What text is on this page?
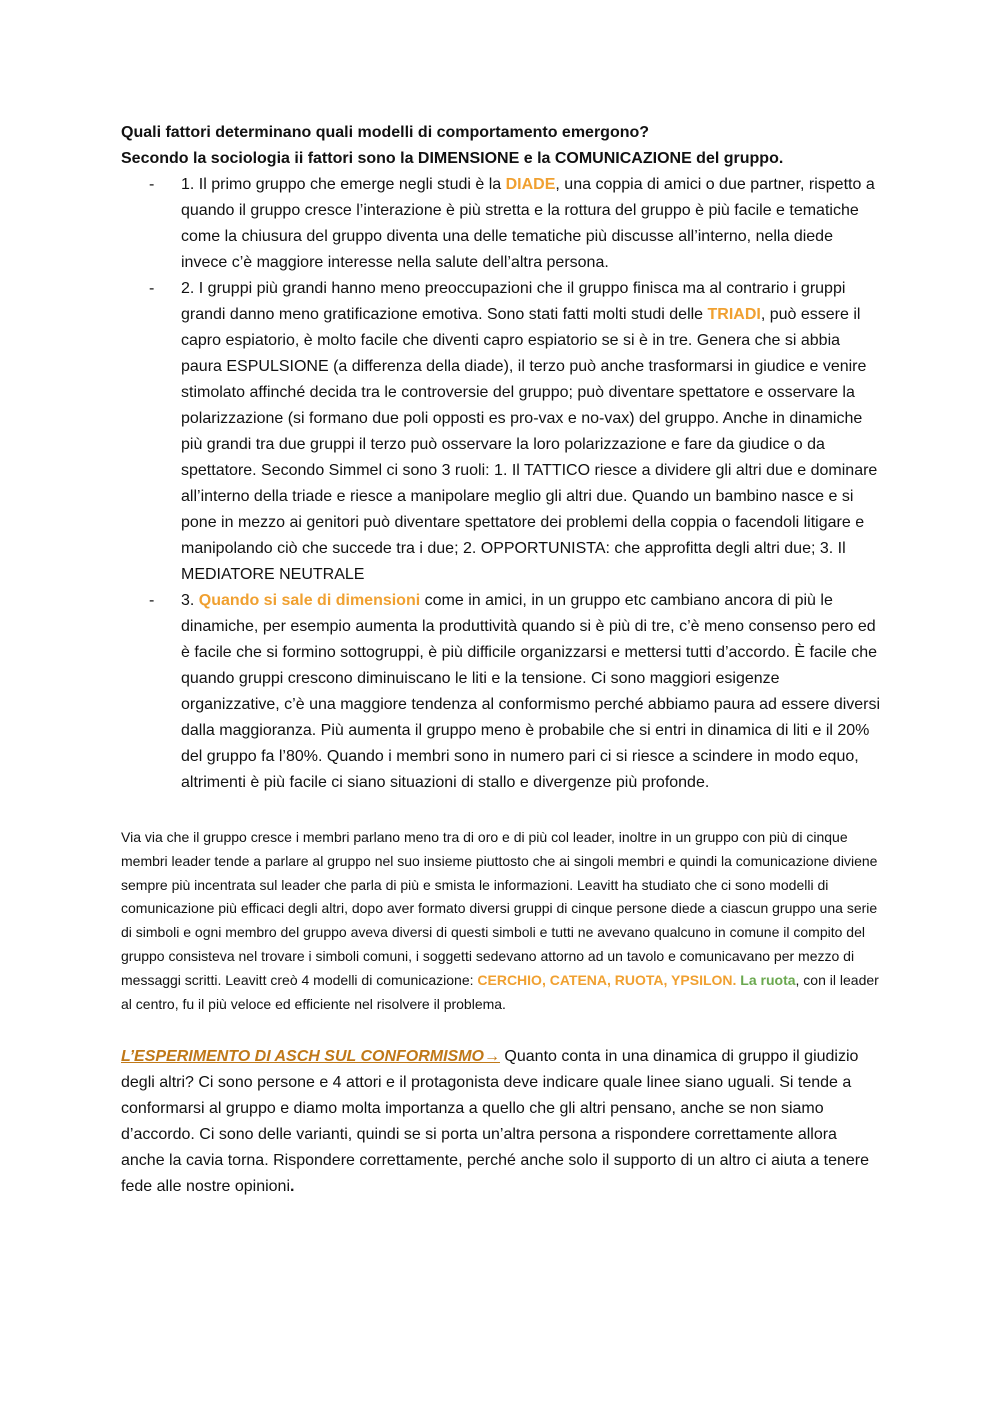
Quali fattori determinano quali modelli di comportamento emergono?
Secondo la sociologia ii fattori sono la DIMENSIONE e la COMUNICAZIONE del gruppo.

- 1. Il primo gruppo che emerge negli studi è la DIADE, una coppia di amici o due partner, rispetto a quando il gruppo cresce l’interazione è più stretta e la rottura del gruppo è più facile e tematiche come la chiusura del gruppo diventa una delle tematiche più discusse all’interno, nella diede invece c’è maggiore interesse nella salute dell’altra persona.
- 2. I gruppi più grandi hanno meno preoccupazioni che il gruppo finisca ma al contrario i gruppi grandi danno meno gratificazione emotiva. Sono stati fatti molti studi delle TRIADI, può essere il capro espiatorio, è molto facile che diventi capro espiatorio se si è in tre. Genera che si abbia paura ESPULSIONE (a differenza della diade), il terzo può anche trasformarsi in giudice e venire stimolato affinché decida tra le controversie del gruppo; può diventare spettatore e osservare la polarizzazione (si formano due poli opposti es pro-vax e no-vax) del gruppo. Anche in dinamiche più grandi tra due gruppi il terzo può osservare la loro polarizzazione e fare da giudice o da spettatore. Secondo Simmel ci sono 3 ruoli: 1. Il TATTICO riesce a dividere gli altri due e dominare all’interno della triade e riesce a manipolare meglio gli altri due. Quando un bambino nasce e si pone in mezzo ai genitori può diventare spettatore dei problemi della coppia o facendoli litigare e manipolando ciò che succede tra i due; 2. OPPORTUNISTA: che approfitta degli altri due; 3. Il MEDIATORE NEUTRALE
- 3. Quando si sale di dimensioni come in amici, in un gruppo etc cambiano ancora di più le dinamiche, per esempio aumenta la produttività quando si è più di tre, c’è meno consenso pero ed è facile che si formino sottogruppi, è più difficile organizzarsi e mettersi tutti d’accordo. È facile che quando gruppi crescono diminuiscano le liti e la tensione. Ci sono maggiori esigenze organizzative, c’è una maggiore tendenza al conformismo perché abbiamo paura ad essere diversi dalla maggioranza. Più aumenta il gruppo meno è probabile che si entri in dinamica di liti e il 20% del gruppo fa l’80%. Quando i membri sono in numero pari ci si riesce a scindere in modo equo, altrimenti è più facile ci siano situazioni di stallo e divergenze più profonde.

Via via che il gruppo cresce i membri parlano meno tra di oro e di più col leader, inoltre in un gruppo con più di cinque membri leader tende a parlare al gruppo nel suo insieme piuttosto che ai singoli membri e quindi la comunicazione diviene sempre più incentrata sul leader che parla di più e smista le informazioni. Leavitt ha studiato che ci sono modelli di comunicazione più efficaci degli altri, dopo aver formato diversi gruppi di cinque persone diede a ciascun gruppo una serie di simboli e ogni membro del gruppo aveva diversi di questi simboli e tutti ne avevano qualcuno in comune il compito del gruppo consisteva nel trovare i simboli comuni, i soggetti sedevano attorno ad un tavolo e comunicavano per mezzo di messaggi scritti. Leavitt creò 4 modelli di comunicazione: CERCHIO, CATENA, RUOTA, YPSILON. La ruota, con il leader al centro, fu il più veloce ed efficiente nel risolvere il problema.

L’ESPERIMENTO DI ASCH SUL CONFORMISMO→ Quanto conta in una dinamica di gruppo il giudizio degli altri? Ci sono persone e 4 attori e il protagonista deve indicare quale linee siano uguali. Si tende a conformarsi al gruppo e diamo molta importanza a quello che gli altri pensano, anche se non siamo d’accordo. Ci sono delle varianti, quindi se si porta un’altra persona a rispondere correttamente allora anche la cavia torna. Rispondere correttamente, perché anche solo il supporto di un altro ci aiuta a tenere fede alle nostre opinioni.
